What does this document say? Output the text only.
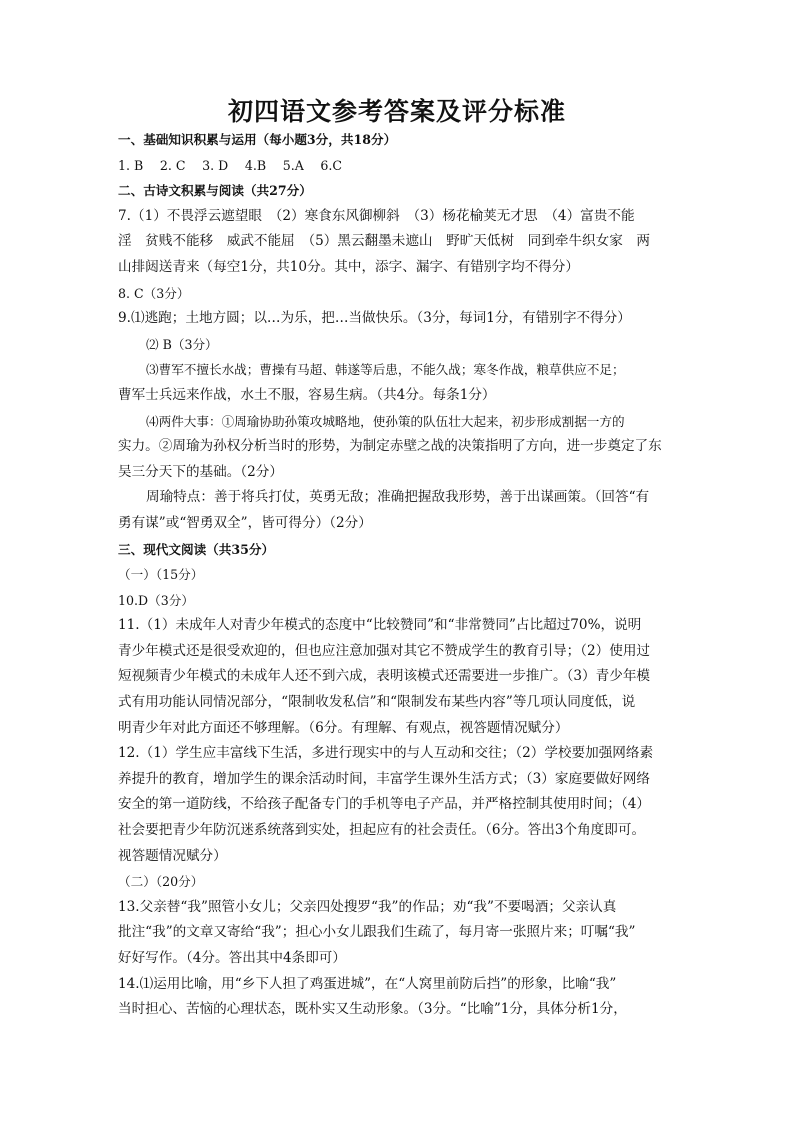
初四语文参考答案及评分标准
一、基础知识积累与运用（每小题3分，共18分）
1. B　 2. C　 3. D　 4.B　 5.A　 6.C
二、古诗文积累与阅读（共27分）
7.（1）不畏浮云遮望眼　（2）寒食东风御柳斜　（3）杨花榆荚无才思　（4）富贵不能
淫　贫贱不能移　威武不能屈　（5）黑云翻墨未遮山　野旷天低树　同到牵牛织女家　两
山排闼送青来（每空1分，共10分。其中，添字、漏字、有错别字均不得分）
8. C（3分）
9.⑴逃跑；土地方圆；以…为乐，把…当做快乐。（3分，每词1分，有错别字不得分）
⑵ B（3分）
⑶曹军不擅长水战；曹操有马超、韩遂等后患，不能久战；寒冬作战，粮草供应不足；
曹军士兵远来作战，水土不服，容易生病。（共4分。每条1分）
⑷两件大事：①周瑜协助孙策攻城略地，使孙策的队伍壮大起来，初步形成割据一方的
实力。②周瑜为孙权分析当时的形势，为制定赤壁之战的决策指明了方向，进一步奠定了东
吴三分天下的基础。（2分）
周瑜特点：善于将兵打仗，英勇无敌；准确把握敌我形势，善于出谋画策。（回答“有
勇有谋”或“智勇双全”，皆可得分）（2分）
三、现代文阅读（共35分）
（一）（15分）
10.D（3分）
11.（1）未成年人对青少年模式的态度中“比较赞同”和“非常赞同”占比超过70%，说明
青少年模式还是很受欢迎的，但也应注意加强对其它不赞成学生的教育引导；（2）使用过
短视频青少年模式的未成年人还不到六成，表明该模式还需要进一步推广。（3）青少年模
式有用功能认同情况部分，“限制收发私信”和“限制发布某些内容”等几项认同度低，说
明青少年对此方面还不够理解。（6分。有理解、有观点，视答题情况赋分）
12.（1）学生应丰富线下生活，多进行现实中的与人互动和交往；（2）学校要加强网络素
养提升的教育，增加学生的课余活动时间，丰富学生课外生活方式；（3）家庭要做好网络
安全的第一道防线，不给孩子配备专门的手机等电子产品，并严格控制其使用时间；（4）
社会要把青少年防沉迷系统落到实处，担起应有的社会责任。（6分。答出3个角度即可。
视答题情况赋分）
（二）（20分）
13.父亲替“我”照管小女儿；父亲四处搜罗“我”的作品；劝“我”不要喝酒；父亲认真
批注“我”的文章又寄给“我”；担心小女儿跟我们生疏了，每月寄一张照片来；叮嘱“我”
好好写作。（4分。答出其中4条即可）
14.⑴运用比喻，用“乡下人担了鸡蛋进城”，在“人窝里前防后挡”的形象，比喻“我”
当时担心、苦恼的心理状态，既朴实又生动形象。（3分。“比喻”1分，具体分析1分，
